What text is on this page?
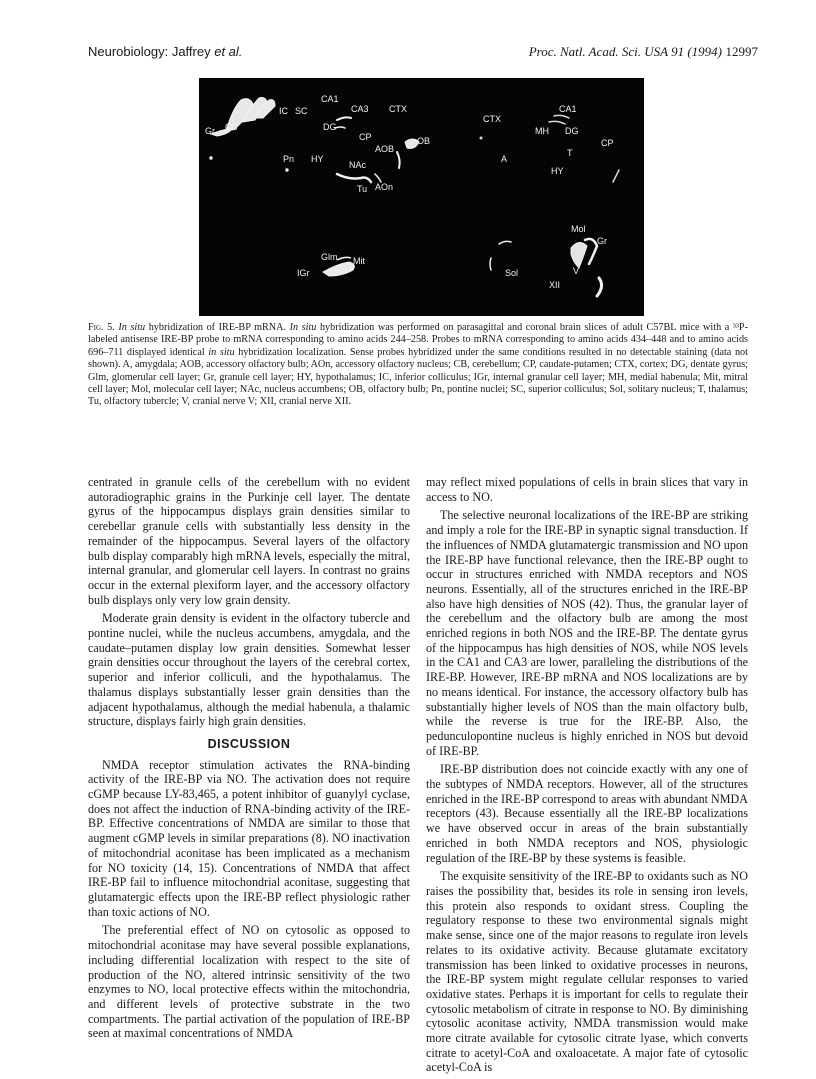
Neurobiology: Jaffrey et al.	Proc. Natl. Acad. Sci. USA 91 (1994) 12997
IC SC
CA1
CA3 CTX
Gr CB	DG
CP
AOB
OB
Pn HY
NAc
Tu AOn
CTX
CA1
MH DG
CP
A
T
HY
Glm Mit
IGr
Mol
Gr
Sol	V
XII
Fig. 5. In situ hybridization of IRE-BP mRNA. In situ hybridization was performed on parasagittal and coronal brain slices of adult C57BL mice with a ³³P-labeled antisense IRE-BP probe to mRNA corresponding to amino acids 244–258. Probes to mRNA corresponding to amino acids 434–448 and to amino acids 696–711 displayed identical in situ hybridization localization. Sense probes hybridized under the same conditions resulted in no detectable staining (data not shown). A, amygdala; AOB, accessory olfactory bulb; AOn, accessory olfactory nucleus; CB, cerebellum; CP, caudate-putamen; CTX, cortex; DG, dentate gyrus; Glm, glomerular cell layer; Gr, granule cell layer; HY, hypothalamus; IC, inferior colliculus; IGr, internal granular cell layer; MH, medial habenula; Mit, mitral cell layer; Mol, molecular cell layer; NAc, nucleus accumbens; OB, olfactory bulb; Pn, pontine nuclei; SC, superior colliculus; Sol, solitary nucleus; T, thalamus; Tu, olfactory tubercle; V, cranial nerve V; XII, cranial nerve XII.

centrated in granule cells of the cerebellum with no evident autoradiographic grains in the Purkinje cell layer. The dentate gyrus of the hippocampus displays grain densities similar to cerebellar granule cells with substantially less density in the remainder of the hippocampus. Several layers of the olfactory bulb display comparably high mRNA levels, especially the mitral, internal granular, and glomerular cell layers. In contrast no grains occur in the external plexiform layer, and the accessory olfactory bulb displays only very low grain density.

Moderate grain density is evident in the olfactory tubercle and pontine nuclei, while the nucleus accumbens, amygdala, and the caudate–putamen display low grain densities. Somewhat lesser grain densities occur throughout the layers of the cerebral cortex, superior and inferior colliculi, and the hypothalamus. The thalamus displays substantially lesser grain densities than the adjacent hypothalamus, although the medial habenula, a thalamic structure, displays fairly high grain densities.

DISCUSSION

NMDA receptor stimulation activates the RNA-binding activity of the IRE-BP via NO. The activation does not require cGMP because LY-83,465, a potent inhibitor of guanylyl cyclase, does not affect the induction of RNA-binding activity of the IRE-BP. Effective concentrations of NMDA are similar to those that augment cGMP levels in similar preparations (8). NO inactivation of mitochondrial aconitase has been implicated as a mechanism for NO toxicity (14, 15). Concentrations of NMDA that affect IRE-BP fail to influence mitochondrial aconitase, suggesting that glutamatergic effects upon the IRE-BP reflect physiologic rather than toxic actions of NO.

The preferential effect of NO on cytosolic as opposed to mitochondrial aconitase may have several possible explanations, including differential localization with respect to the site of production of the NO, altered intrinsic sensitivity of the two enzymes to NO, local protective effects within the mitochondria, and different levels of protective substrate in the two compartments. The partial activation of the population of IRE-BP seen at maximal concentrations of NMDA

may reflect mixed populations of cells in brain slices that vary in access to NO.

The selective neuronal localizations of the IRE-BP are striking and imply a role for the IRE-BP in synaptic signal transduction. If the influences of NMDA glutamatergic transmission and NO upon the IRE-BP have functional relevance, then the IRE-BP ought to occur in structures enriched with NMDA receptors and NOS neurons. Essentially, all of the structures enriched in the IRE-BP also have high densities of NOS (42). Thus, the granular layer of the cerebellum and the olfactory bulb are among the most enriched regions in both NOS and the IRE-BP. The dentate gyrus of the hippocampus has high densities of NOS, while NOS levels in the CA1 and CA3 are lower, paralleling the distributions of the IRE-BP. However, IRE-BP mRNA and NOS localizations are by no means identical. For instance, the accessory olfactory bulb has substantially higher levels of NOS than the main olfactory bulb, while the reverse is true for the IRE-BP. Also, the pedunculopontine nucleus is highly enriched in NOS but devoid of IRE-BP.

IRE-BP distribution does not coincide exactly with any one of the subtypes of NMDA receptors. However, all of the structures enriched in the IRE-BP correspond to areas with abundant NMDA receptors (43). Because essentially all the IRE-BP localizations we have observed occur in areas of the brain substantially enriched in both NMDA receptors and NOS, physiologic regulation of the IRE-BP by these systems is feasible.

The exquisite sensitivity of the IRE-BP to oxidants such as NO raises the possibility that, besides its role in sensing iron levels, this protein also responds to oxidant stress. Coupling the regulatory response to these two environmental signals might make sense, since one of the major reasons to regulate iron levels relates to its oxidative activity. Because glutamate excitatory transmission has been linked to oxidative processes in neurons, the IRE-BP system might regulate cellular responses to varied oxidative states. Perhaps it is important for cells to regulate their cytosolic metabolism of citrate in response to NO. By diminishing cytosolic aconitase activity, NMDA transmission would make more citrate available for cytosolic citrate lyase, which converts citrate to acetyl-CoA and oxaloacetate. A major fate of cytosolic acetyl-CoA is
